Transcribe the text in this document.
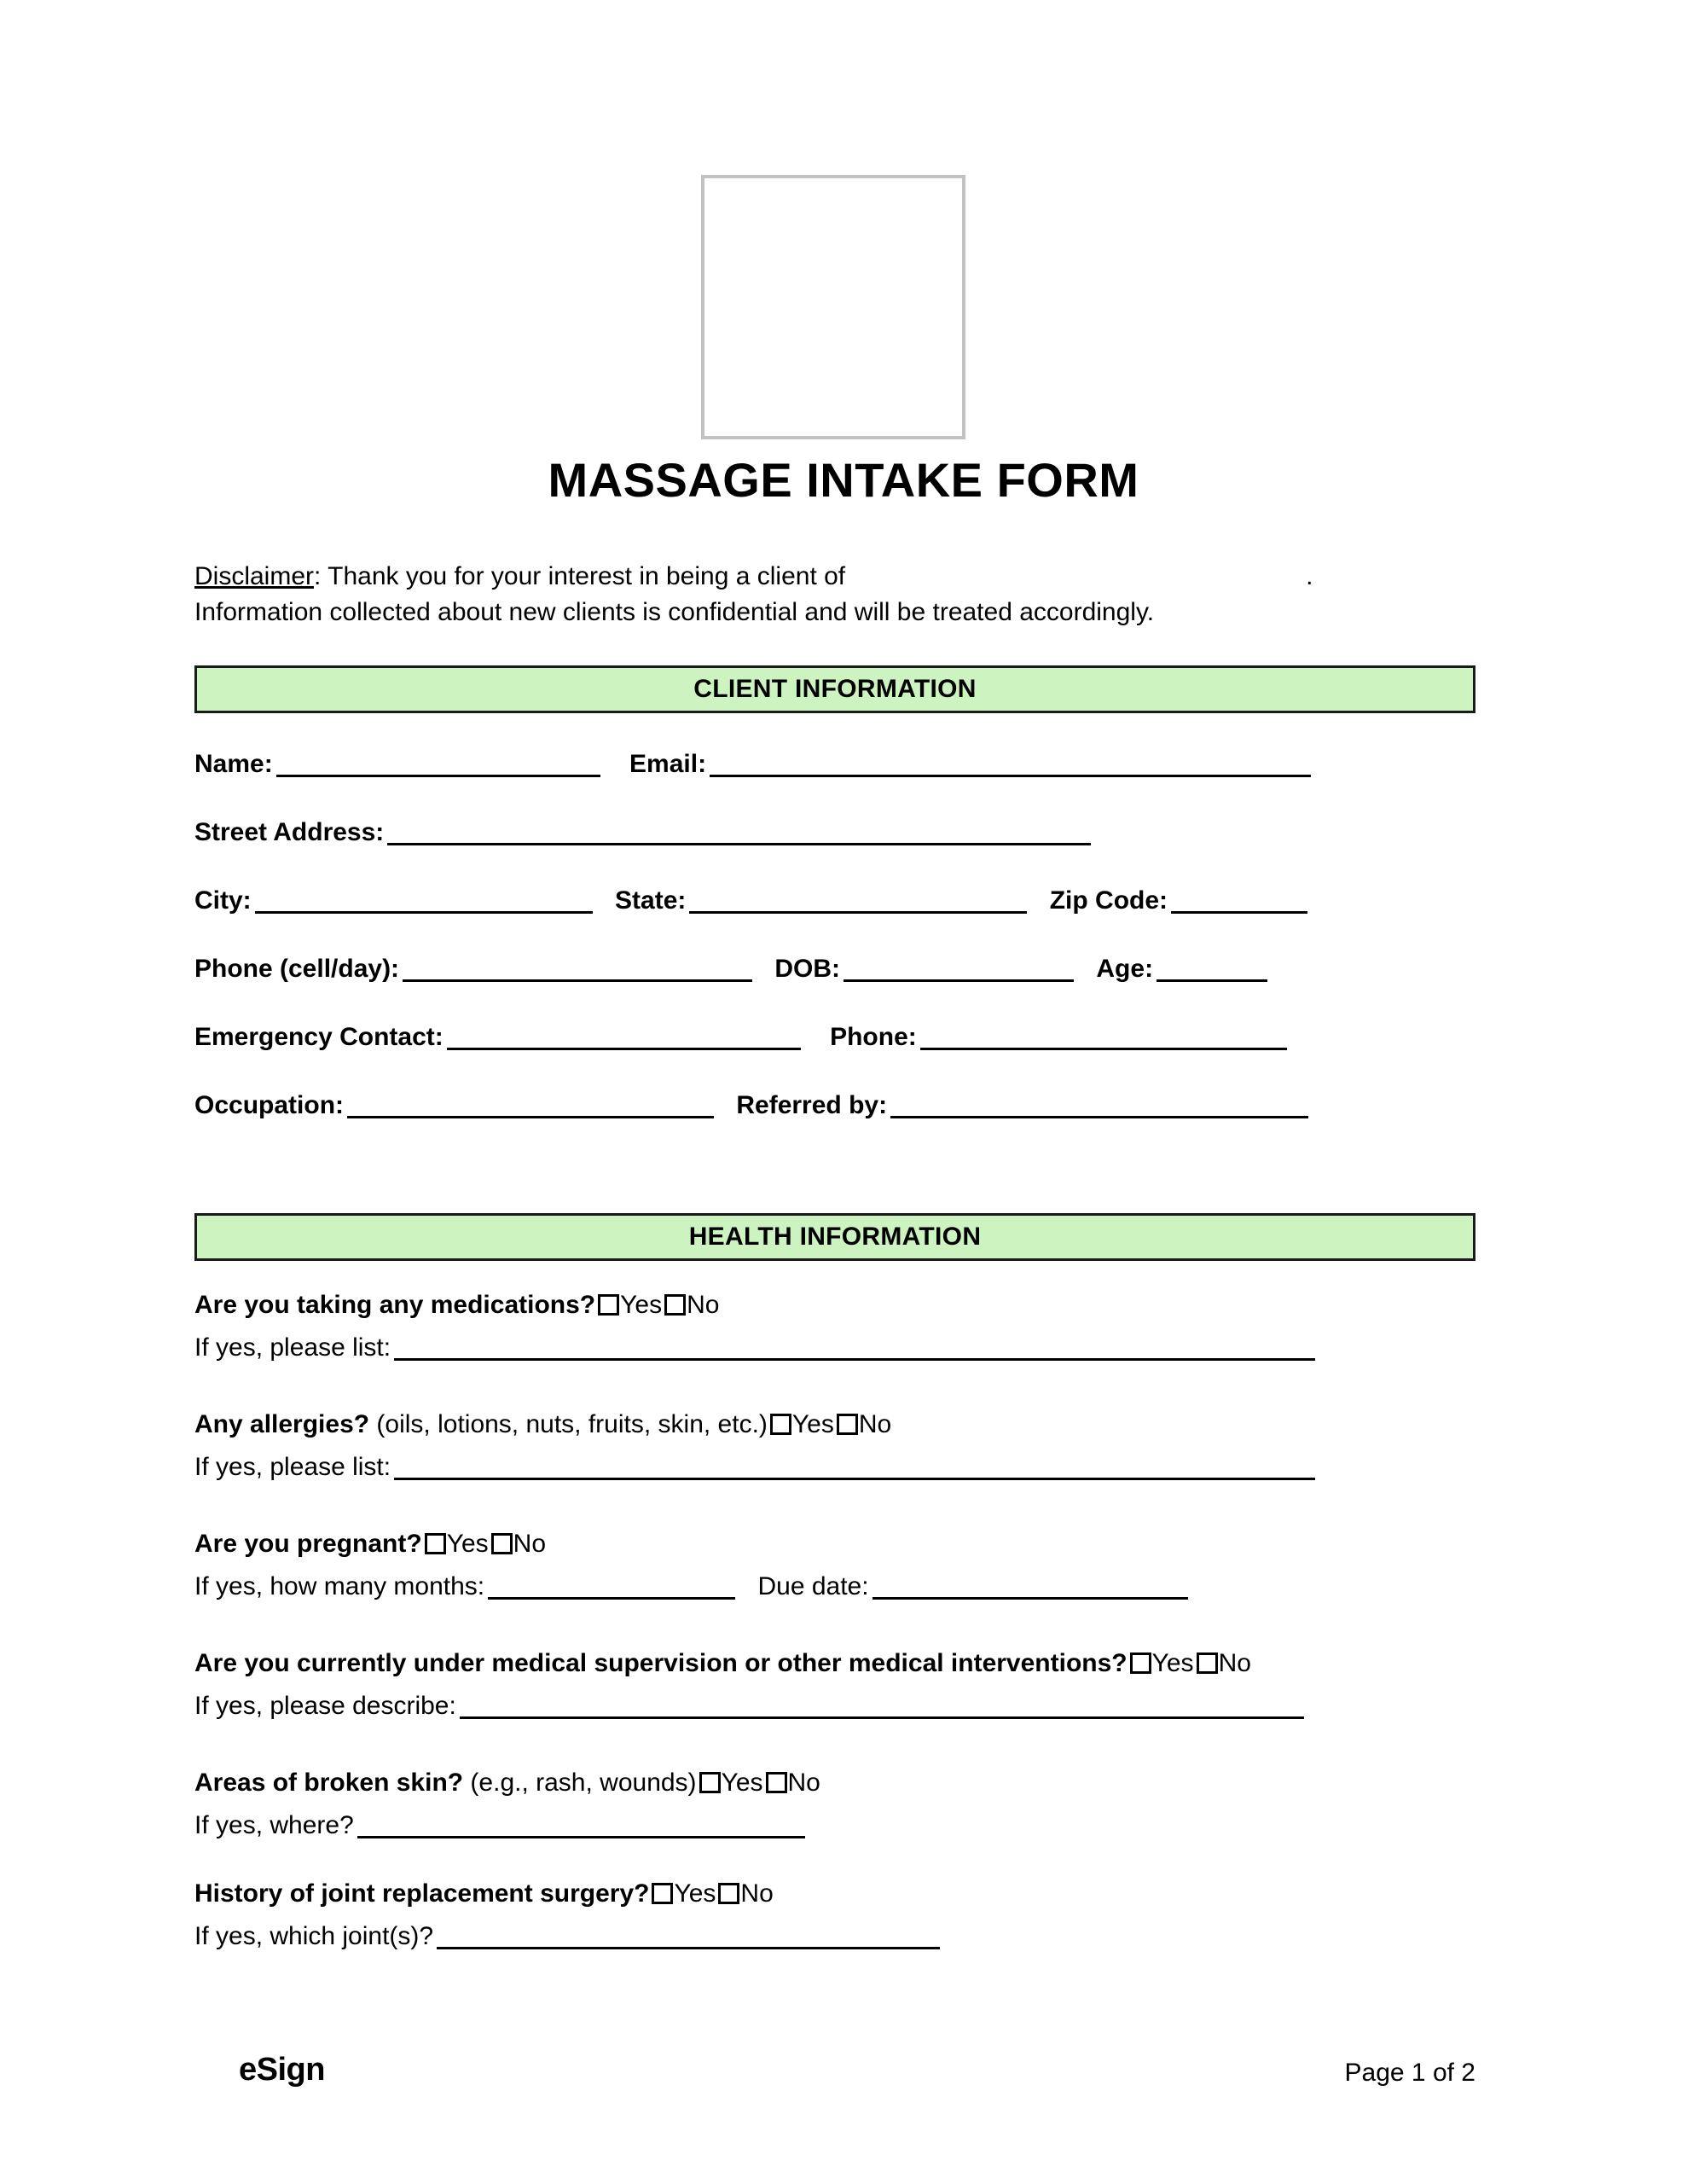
MASSAGE INTAKE FORM
Disclaimer: Thank you for your interest in being a client of	.
Information collected about new clients is confidential and will be treated accordingly.
CLIENT INFORMATION
Name:	Email:
Street Address:
City:	State:	Zip Code:
Phone (cell/day):	DOB:	Age:
Emergency Contact:	Phone:
Occupation:	Referred by:
HEALTH INFORMATION
Are you taking any medications? Yes No
If yes, please list:
Any allergies? (oils, lotions, nuts, fruits, skin, etc.) Yes No
If yes, please list:
Are you pregnant? Yes No
If yes, how many months:	Due date:
Are you currently under medical supervision or other medical interventions? Yes No
If yes, please describe:
Areas of broken skin? (e.g., rash, wounds) Yes No
If yes, where?
History of joint replacement surgery? Yes No
If yes, which joint(s)?
eSign	Page 1 of 2
